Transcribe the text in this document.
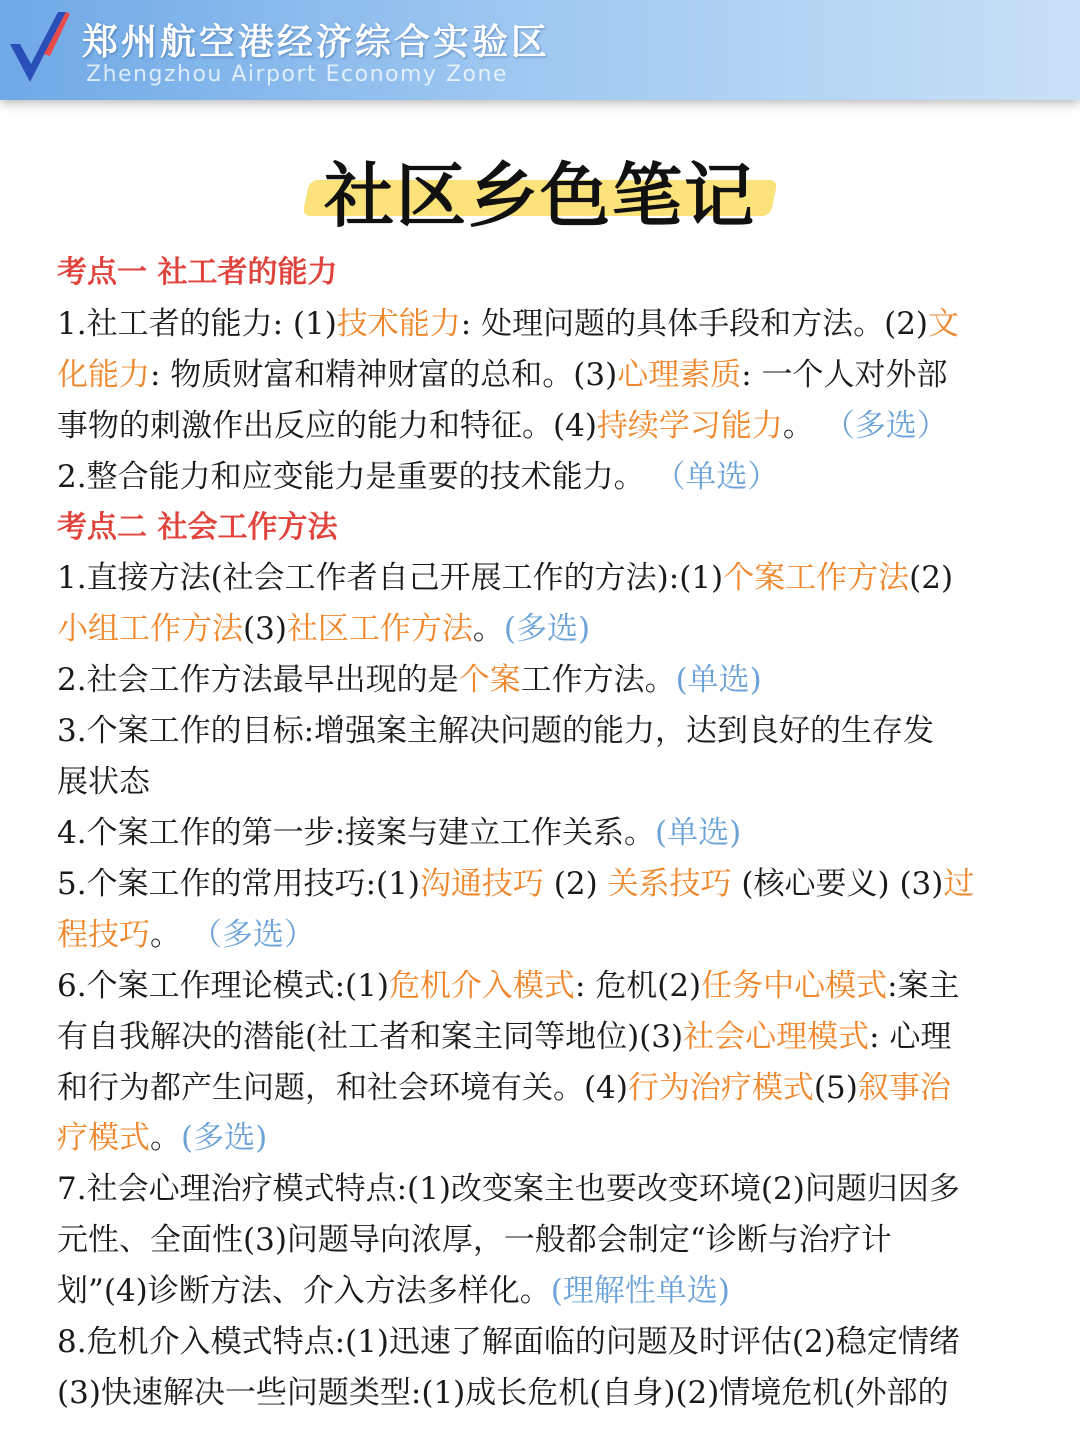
郑州航空港经济综合实验区
Zhengzhou Airport Economy Zone
社区乡色笔记
考点一 社工者的能力
1.社工者的能力: (1)技术能力: 处理问题的具体手段和方法。(2)文
化能力: 物质财富和精神财富的总和。(3)心理素质: 一个人对外部
事物的刺激作出反应的能力和特征。(4)持续学习能力。 （多选）
2.整合能力和应变能力是重要的技术能力。 （单选）
考点二 社会工作方法
1.直接方法(社会工作者自己开展工作的方法):(1)个案工作方法(2)
小组工作方法(3)社区工作方法。(多选)
2.社会工作方法最早出现的是个案工作方法。(单选)
3.个案工作的目标:增强案主解决问题的能力，达到良好的生存发
展状态
4.个案工作的第一步:接案与建立工作关系。(单选)
5.个案工作的常用技巧:(1)沟通技巧 (2) 关系技巧 (核心要义) (3)过
程技巧。 （多选）
6.个案工作理论模式:(1)危机介入模式: 危机(2)任务中心模式:案主
有自我解决的潜能(社工者和案主同等地位)(3)社会心理模式: 心理
和行为都产生问题，和社会环境有关。(4)行为治疗模式(5)叙事治
疗模式。(多选)
7.社会心理治疗模式特点:(1)改变案主也要改变环境(2)问题归因多
元性、全面性(3)问题导向浓厚，一般都会制定“诊断与治疗计
划”(4)诊断方法、介入方法多样化。(理解性单选)
8.危机介入模式特点:(1)迅速了解面临的问题及时评估(2)稳定情绪
(3)快速解决一些问题类型:(1)成长危机(自身)(2)情境危机(外部的
